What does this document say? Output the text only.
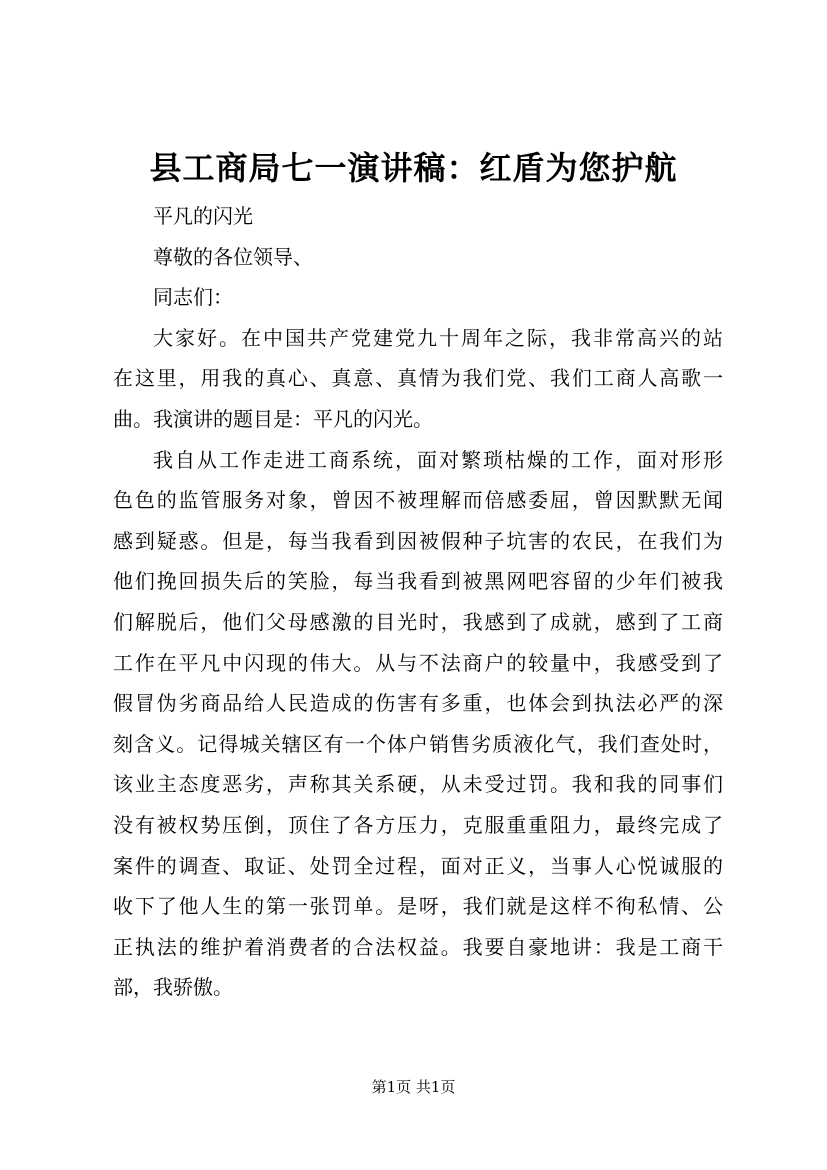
县工商局七一演讲稿：红盾为您护航
平凡的闪光
尊敬的各位领导、
同志们：
大家好。在中国共产党建党九十周年之际，我非常高兴的站
在这里，用我的真心、真意、真情为我们党、我们工商人高歌一
曲。我演讲的题目是：平凡的闪光。
我自从工作走进工商系统，面对繁琐枯燥的工作，面对形形
色色的监管服务对象，曾因不被理解而倍感委屈，曾因默默无闻
感到疑惑。但是，每当我看到因被假种子坑害的农民，在我们为
他们挽回损失后的笑脸，每当我看到被黑网吧容留的少年们被我
们解脱后，他们父母感激的目光时，我感到了成就，感到了工商
工作在平凡中闪现的伟大。从与不法商户的较量中，我感受到了
假冒伪劣商品给人民造成的伤害有多重，也体会到执法必严的深
刻含义。记得城关辖区有一个体户销售劣质液化气，我们查处时，
该业主态度恶劣，声称其关系硬，从未受过罚。我和我的同事们
没有被权势压倒，顶住了各方压力，克服重重阻力，最终完成了
案件的调查、取证、处罚全过程，面对正义，当事人心悦诚服的
收下了他人生的第一张罚单。是呀，我们就是这样不徇私情、公
正执法的维护着消费者的合法权益。我要自豪地讲：我是工商干
部，我骄傲。
第1页 共1页
